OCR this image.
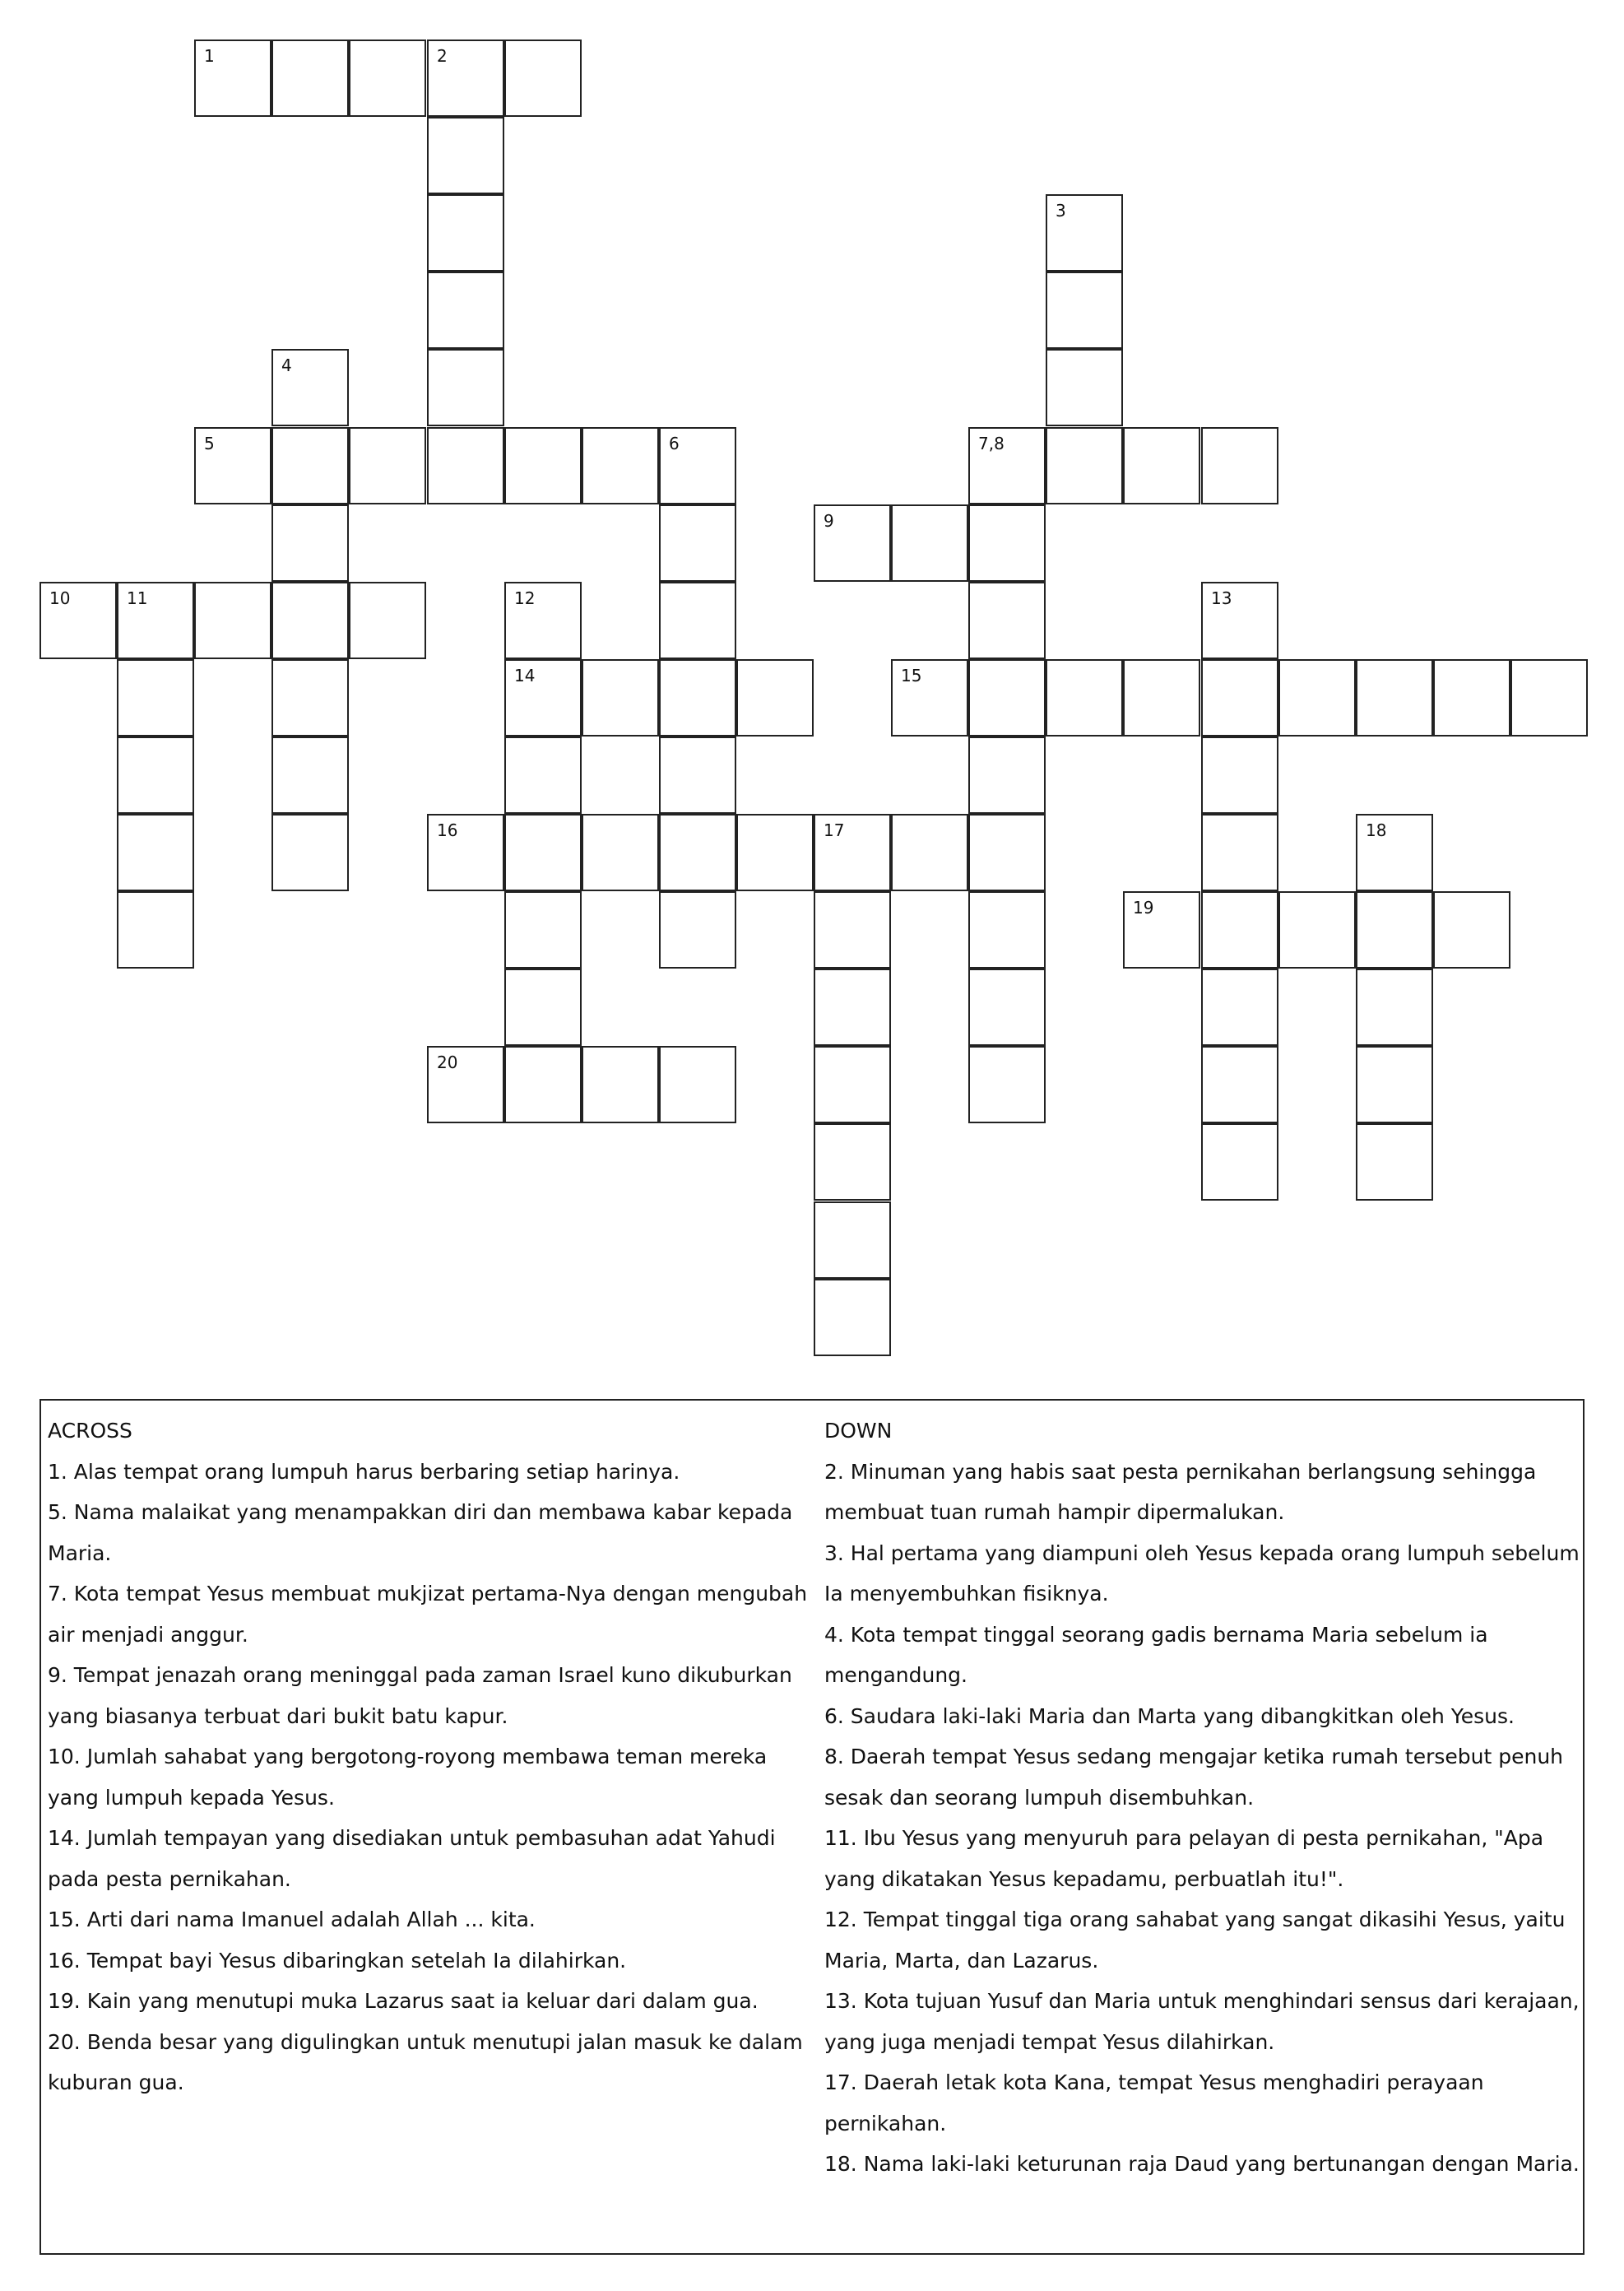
1	2
5	6	7,8
9
10	11
14	15
16	17
19
20
3
4
12	13
18
ACROSS
1. Alas tempat orang lumpuh harus berbaring setiap harinya.
5. Nama malaikat yang menampakkan diri dan membawa kabar kepada Maria.
7. Kota tempat Yesus membuat mukjizat pertama-Nya dengan mengubah air menjadi anggur.
9. Tempat jenazah orang meninggal pada zaman Israel kuno dikuburkan yang biasanya terbuat dari bukit batu kapur.
10. Jumlah sahabat yang bergotong-royong membawa teman mereka yang lumpuh kepada Yesus.
14. Jumlah tempayan yang disediakan untuk pembasuhan adat Yahudi pada pesta pernikahan.
15. Arti dari nama Imanuel adalah Allah ... kita.
16. Tempat bayi Yesus dibaringkan setelah Ia dilahirkan.
19. Kain yang menutupi muka Lazarus saat ia keluar dari dalam gua.
20. Benda besar yang digulingkan untuk menutupi jalan masuk ke dalam kuburan gua.
DOWN
2. Minuman yang habis saat pesta pernikahan berlangsung sehingga membuat tuan rumah hampir dipermalukan.
3. Hal pertama yang diampuni oleh Yesus kepada orang lumpuh sebelum Ia menyembuhkan fisiknya.
4. Kota tempat tinggal seorang gadis bernama Maria sebelum ia mengandung.
6. Saudara laki-laki Maria dan Marta yang dibangkitkan oleh Yesus.
8. Daerah tempat Yesus sedang mengajar ketika rumah tersebut penuh sesak dan seorang lumpuh disembuhkan.
11. Ibu Yesus yang menyuruh para pelayan di pesta pernikahan, "Apa yang dikatakan Yesus kepadamu, perbuatlah itu!".
12. Tempat tinggal tiga orang sahabat yang sangat dikasihi Yesus, yaitu Maria, Marta, dan Lazarus.
13. Kota tujuan Yusuf dan Maria untuk menghindari sensus dari kerajaan, yang juga menjadi tempat Yesus dilahirkan.
17. Daerah letak kota Kana, tempat Yesus menghadiri perayaan pernikahan.
18. Nama laki-laki keturunan raja Daud yang bertunangan dengan Maria.
